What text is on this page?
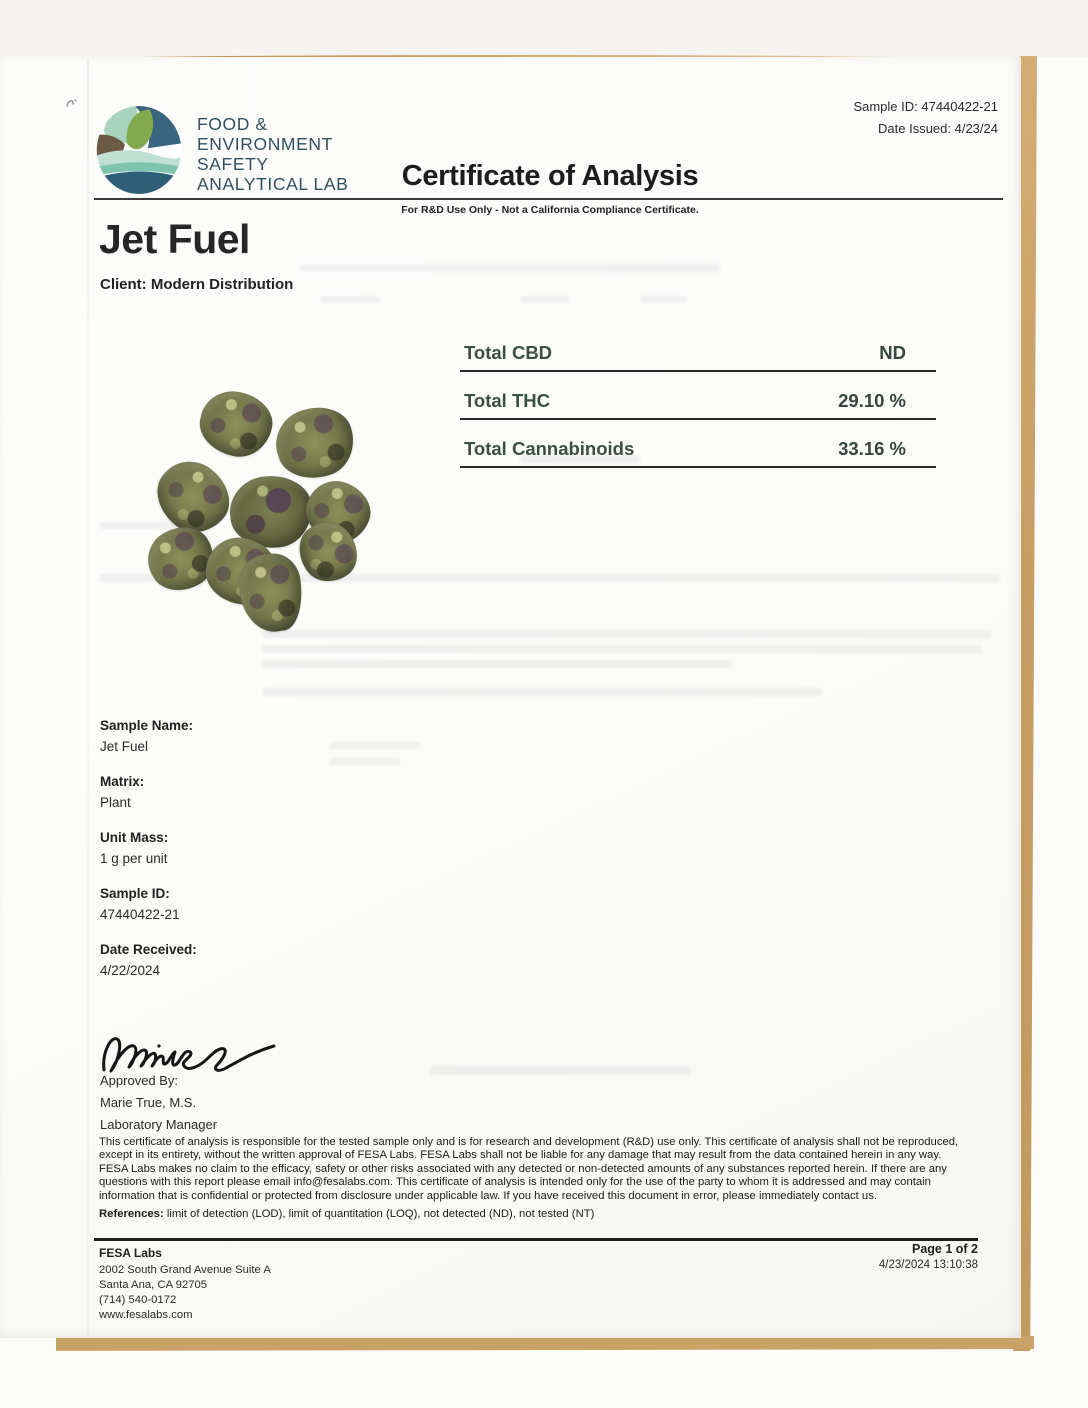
Sample ID: 47440422-21
Date Issued: 4/23/24
FOOD &
ENVIRONMENT
SAFETY
ANALYTICAL LAB	Certificate of Analysis
For R&D Use Only - Not a California Compliance Certificate.
Jet Fuel
Client: Modern Distribution
Total CBD	ND
Total THC	29.10 %
Total Cannabinoids	33.16 %
Sample Name:
Jet Fuel
Matrix:
Plant
Unit Mass:
1 g per unit
Sample ID:
47440422-21
Date Received:
4/22/2024
Approved By:
Marie True, M.S.
Laboratory Manager
This certificate of analysis is responsible for the tested sample only and is for research and development (R&D) use only. This certificate of analysis shall not be reproduced, except in its entirety, without the written approval of FESA Labs. FESA Labs shall not be liable for any damage that may result from the data contained herein in any way. FESA Labs makes no claim to the efficacy, safety or other risks associated with any detected or non-detected amounts of any substances reported herein. If there are any questions with this report please email info@fesalabs.com. This certificate of analysis is intended only for the use of the party to whom it is addressed and may contain information that is confidential or protected from disclosure under applicable law. If you have received this document in error, please immediately contact us.
References: limit of detection (LOD), limit of quantitation (LOQ), not detected (ND), not tested (NT)
FESA Labs
2002 South Grand Avenue Suite A
Santa Ana, CA 92705
(714) 540-0172
www.fesalabs.com
Page 1 of 2
4/23/2024 13:10:38
